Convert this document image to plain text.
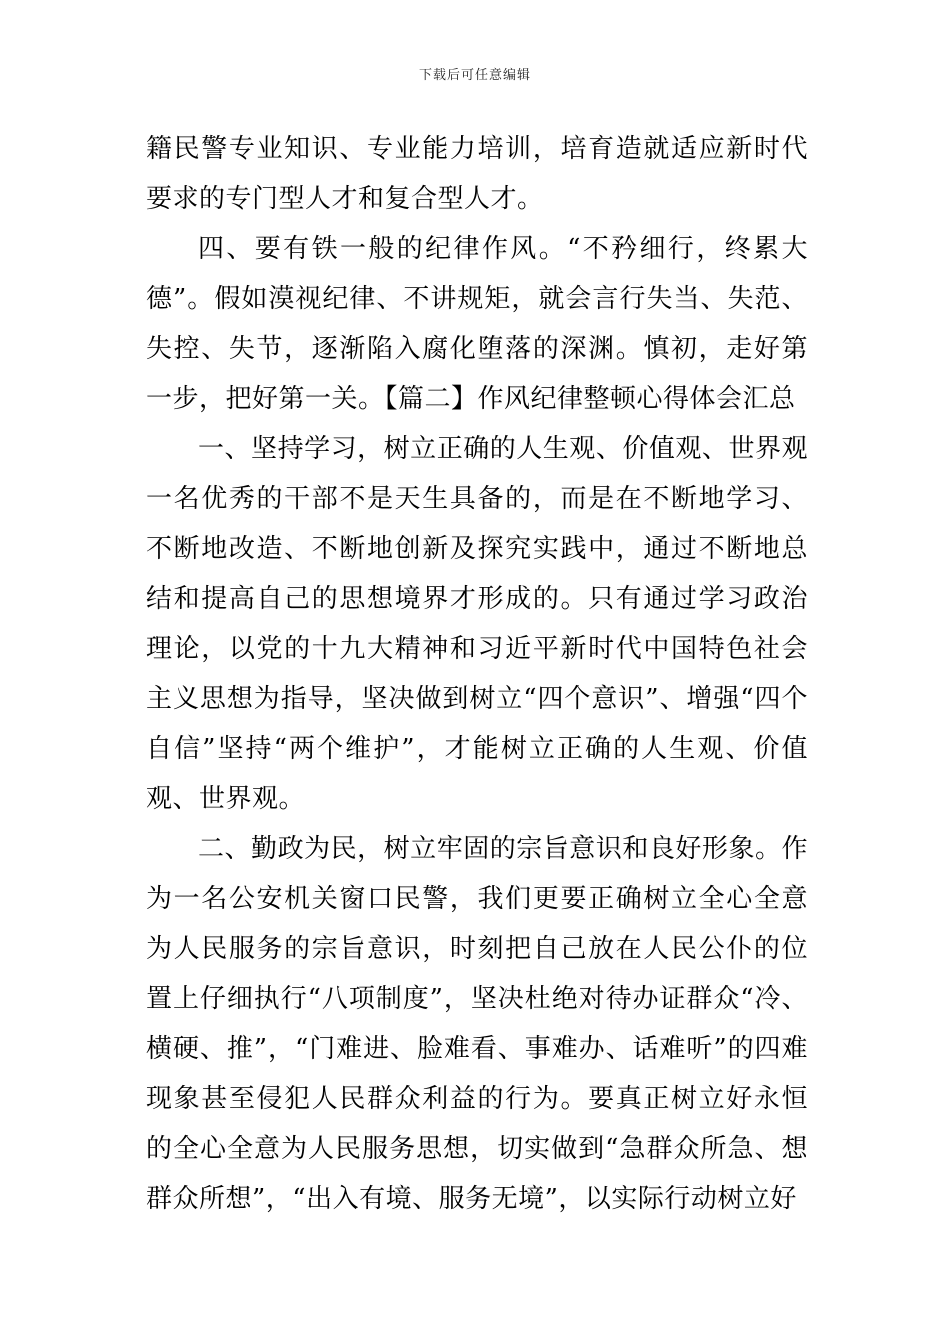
下载后可任意编辑

籍民警专业知识、专业能力培训，培育造就适应新时代要求的专门型人才和复合型人才。

四、要有铁一般的纪律作风。“不矜细行，终累大德”。假如漠视纪律、不讲规矩，就会言行失当、失范、失控、失节，逐渐陷入腐化堕落的深渊。慎初，走好第一步，把好第一关。【篇二】作风纪律整顿心得体会汇总

一、坚持学习，树立正确的人生观、价值观、世界观一名优秀的干部不是天生具备的，而是在不断地学习、不断地改造、不断地创新及探究实践中，通过不断地总结和提高自己的思想境界才形成的。只有通过学习政治理论，以党的十九大精神和习近平新时代中国特色社会主义思想为指导，坚决做到树立“四个意识”、增强“四个自信”坚持“两个维护”，才能树立正确的人生观、价值观、世界观。

二、勤政为民，树立牢固的宗旨意识和良好形象。作为一名公安机关窗口民警，我们更要正确树立全心全意为人民服务的宗旨意识，时刻把自己放在人民公仆的位置上仔细执行“八项制度”，坚决杜绝对待办证群众“冷、横硬、推”，“门难进、脸难看、事难办、话难听”的四难现象甚至侵犯人民群众利益的行为。要真正树立好永恒的全心全意为人民服务思想，切实做到“急群众所急、想群众所想”，“出入有境、服务无境”，以实际行动树立好
